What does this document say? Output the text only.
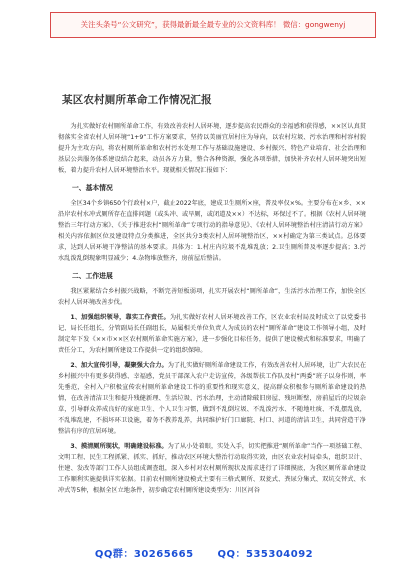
关注头条号“公文研究”，获得最新最全最专业的公文资料库！ 微信：gongwenyj
某区农村厕所革命工作情况汇报

为扎实做好农村厕所革命工作，有效改善农村人居环境，逐步提高农民群众的幸福感和获得感，××区认真贯彻落实全省农村人居环境“1+9”工作方案要求，坚持以美丽宜居村庄为导向，以农村垃圾、污水治理和村容村貌提升为主攻方向，将农村厕所革命和农村污水处理工作与基础设施建设、乡村振兴、特色产业培育、社会治理和基层公共服务体系建设结合起来，动员各方力量，整合各种资源，强化各项举措，加快补齐农村人居环境突出短板，着力提升农村人居环境整治水平。现就相关情况汇报如下：

一、基本情况

全区34个乡镇650个行政村×户，截止2022年底，建成卫生厕所×座，普及率仅×%。主要分布在×乡、××沿岸农村水冲式厕所存在直排问题（或头冲、或旱厕，或闭道及××）不达标，环保过不了。根据《农村人居环境整治三年行动方案》、《关于推进农村“厕所革命”专项行动的指导意见》、《农村人居环境整治村庄清洁行动方案》相关内容依据区位及建设特点分类推进，全区共分3类农村人居环境整治区，××村确定为第三类试点。总体要求，达到人居环境干净整洁的基本要求。具体为：1.村庄内垃圾不乱堆乱放；2.卫生厕所普及率逐步提高；3.污水乱泼乱倒现象明显减少；4.杂物堆放整齐，房前屋后整洁。

二、工作进展

我区紧紧结合乡村振兴战略，不断完善短板弱项，扎实开展农村“厕所革命”，生活污水治理工作，加快全区农村人居环境改善步伐。

1、加强组织领导，靠实工作责任。为扎实做好农村人居环境改善工作，区农业农村局及时成立了以党委书记、局长任组长，分管副局长任副组长，局属相关单位负责人为成员的农村“厕所革命”建设工作领导小组，及时制定年下发《××市××区农村厕所革命实施方案》，进一步强化目标任务，提供了建设模式和标准要求，明确了责任分工，为农村厕所建设工作提供一定的组织保障。

2、加大宣传引导，凝聚强大合力。为了扎实做好厕所革命建设工作，有效改善农村人居环境，让广大农民在乡村振兴中有更多获得感、幸福感，党员干部深入农户走访宣传，各级帮扶工作队及村“两委”班子以身作则，率先垂范，全村入户积极宣传农村厕所革命建设工作的重要性和现实意义，提高群众积极参与厕所革命建设的热情，在改善清洁卫生和提升残健新理、生活垃圾、污水治理，主动清除破旧房屋、残垣断壁，房前屋后的垃圾杂草，引导群众养成良好的家庭卫生、个人卫生习惯，做到不乱倒垃圾、不乱泼污水、不随地吐痰、不乱摆乱放，不乱堆乱建，不损坏环卫设施，着务不教养乱养，共同维护好门口廊院、村口、河道的清洁卫生，共同营造干净整洁有序的宜居环境。

3、摸清厕所现状，明确建设标准。为了从小处着眼，实处入手，切实把推进“厕所革命”当作一项基础工程、文明工程、民生工程抓紧、抓实、抓好，推动农区环境大整治行动取得实效，由区农业农村局牵头，组织卫计、住建、发改等部门工作人员组成调查组，深入乡村对农村厕所现状及需求进行了详细摸底，为我区厕所革命建设工作顺利实施提供详实依据。目前农村厕所建设模式主要有三格式厕所、双瓮式、粪尿分集式、双坑交替式、水冲式等5种，根据全区立地条件，初步确定农村厕所建设类型为：川区河谷

QQ群：30265665 QQ：535304092
